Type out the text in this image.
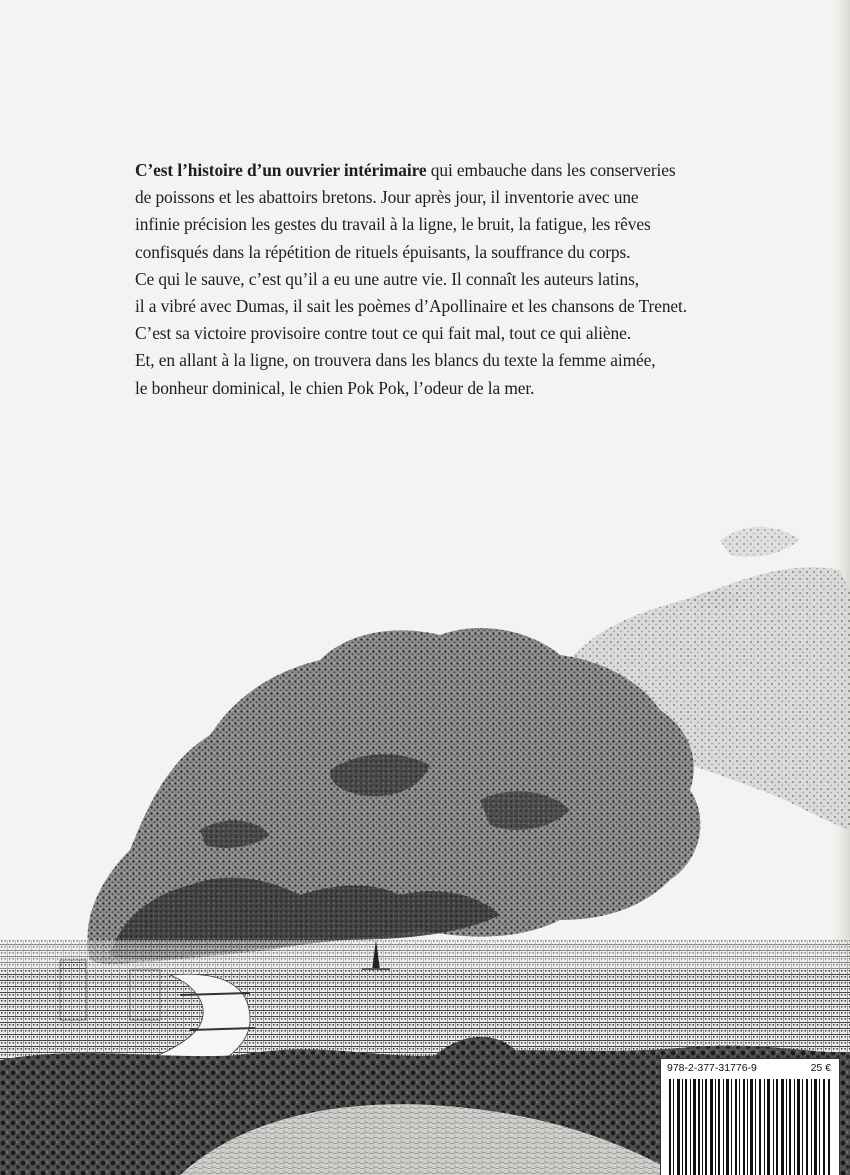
C’est l’histoire d’un ouvrier intérimaire qui embauche dans les conserveries
de poissons et les abattoirs bretons. Jour après jour, il inventorie avec une
infinie précision les gestes du travail à la ligne, le bruit, la fatigue, les rêves
confisqués dans la répétition de rituels épuisants, la souffrance du corps.
Ce qui le sauve, c’est qu’il a eu une autre vie. Il connaît les auteurs latins,
il a vibré avec Dumas, il sait les poèmes d’Apollinaire et les chansons de Trenet.
C’est sa victoire provisoire contre tout ce qui fait mal, tout ce qui aliène.
Et, en allant à la ligne, on trouvera dans les blancs du texte la femme aimée,
le bonheur dominical, le chien Pok Pok, l’odeur de la mer.
978-2-377-31776-9	25 €
